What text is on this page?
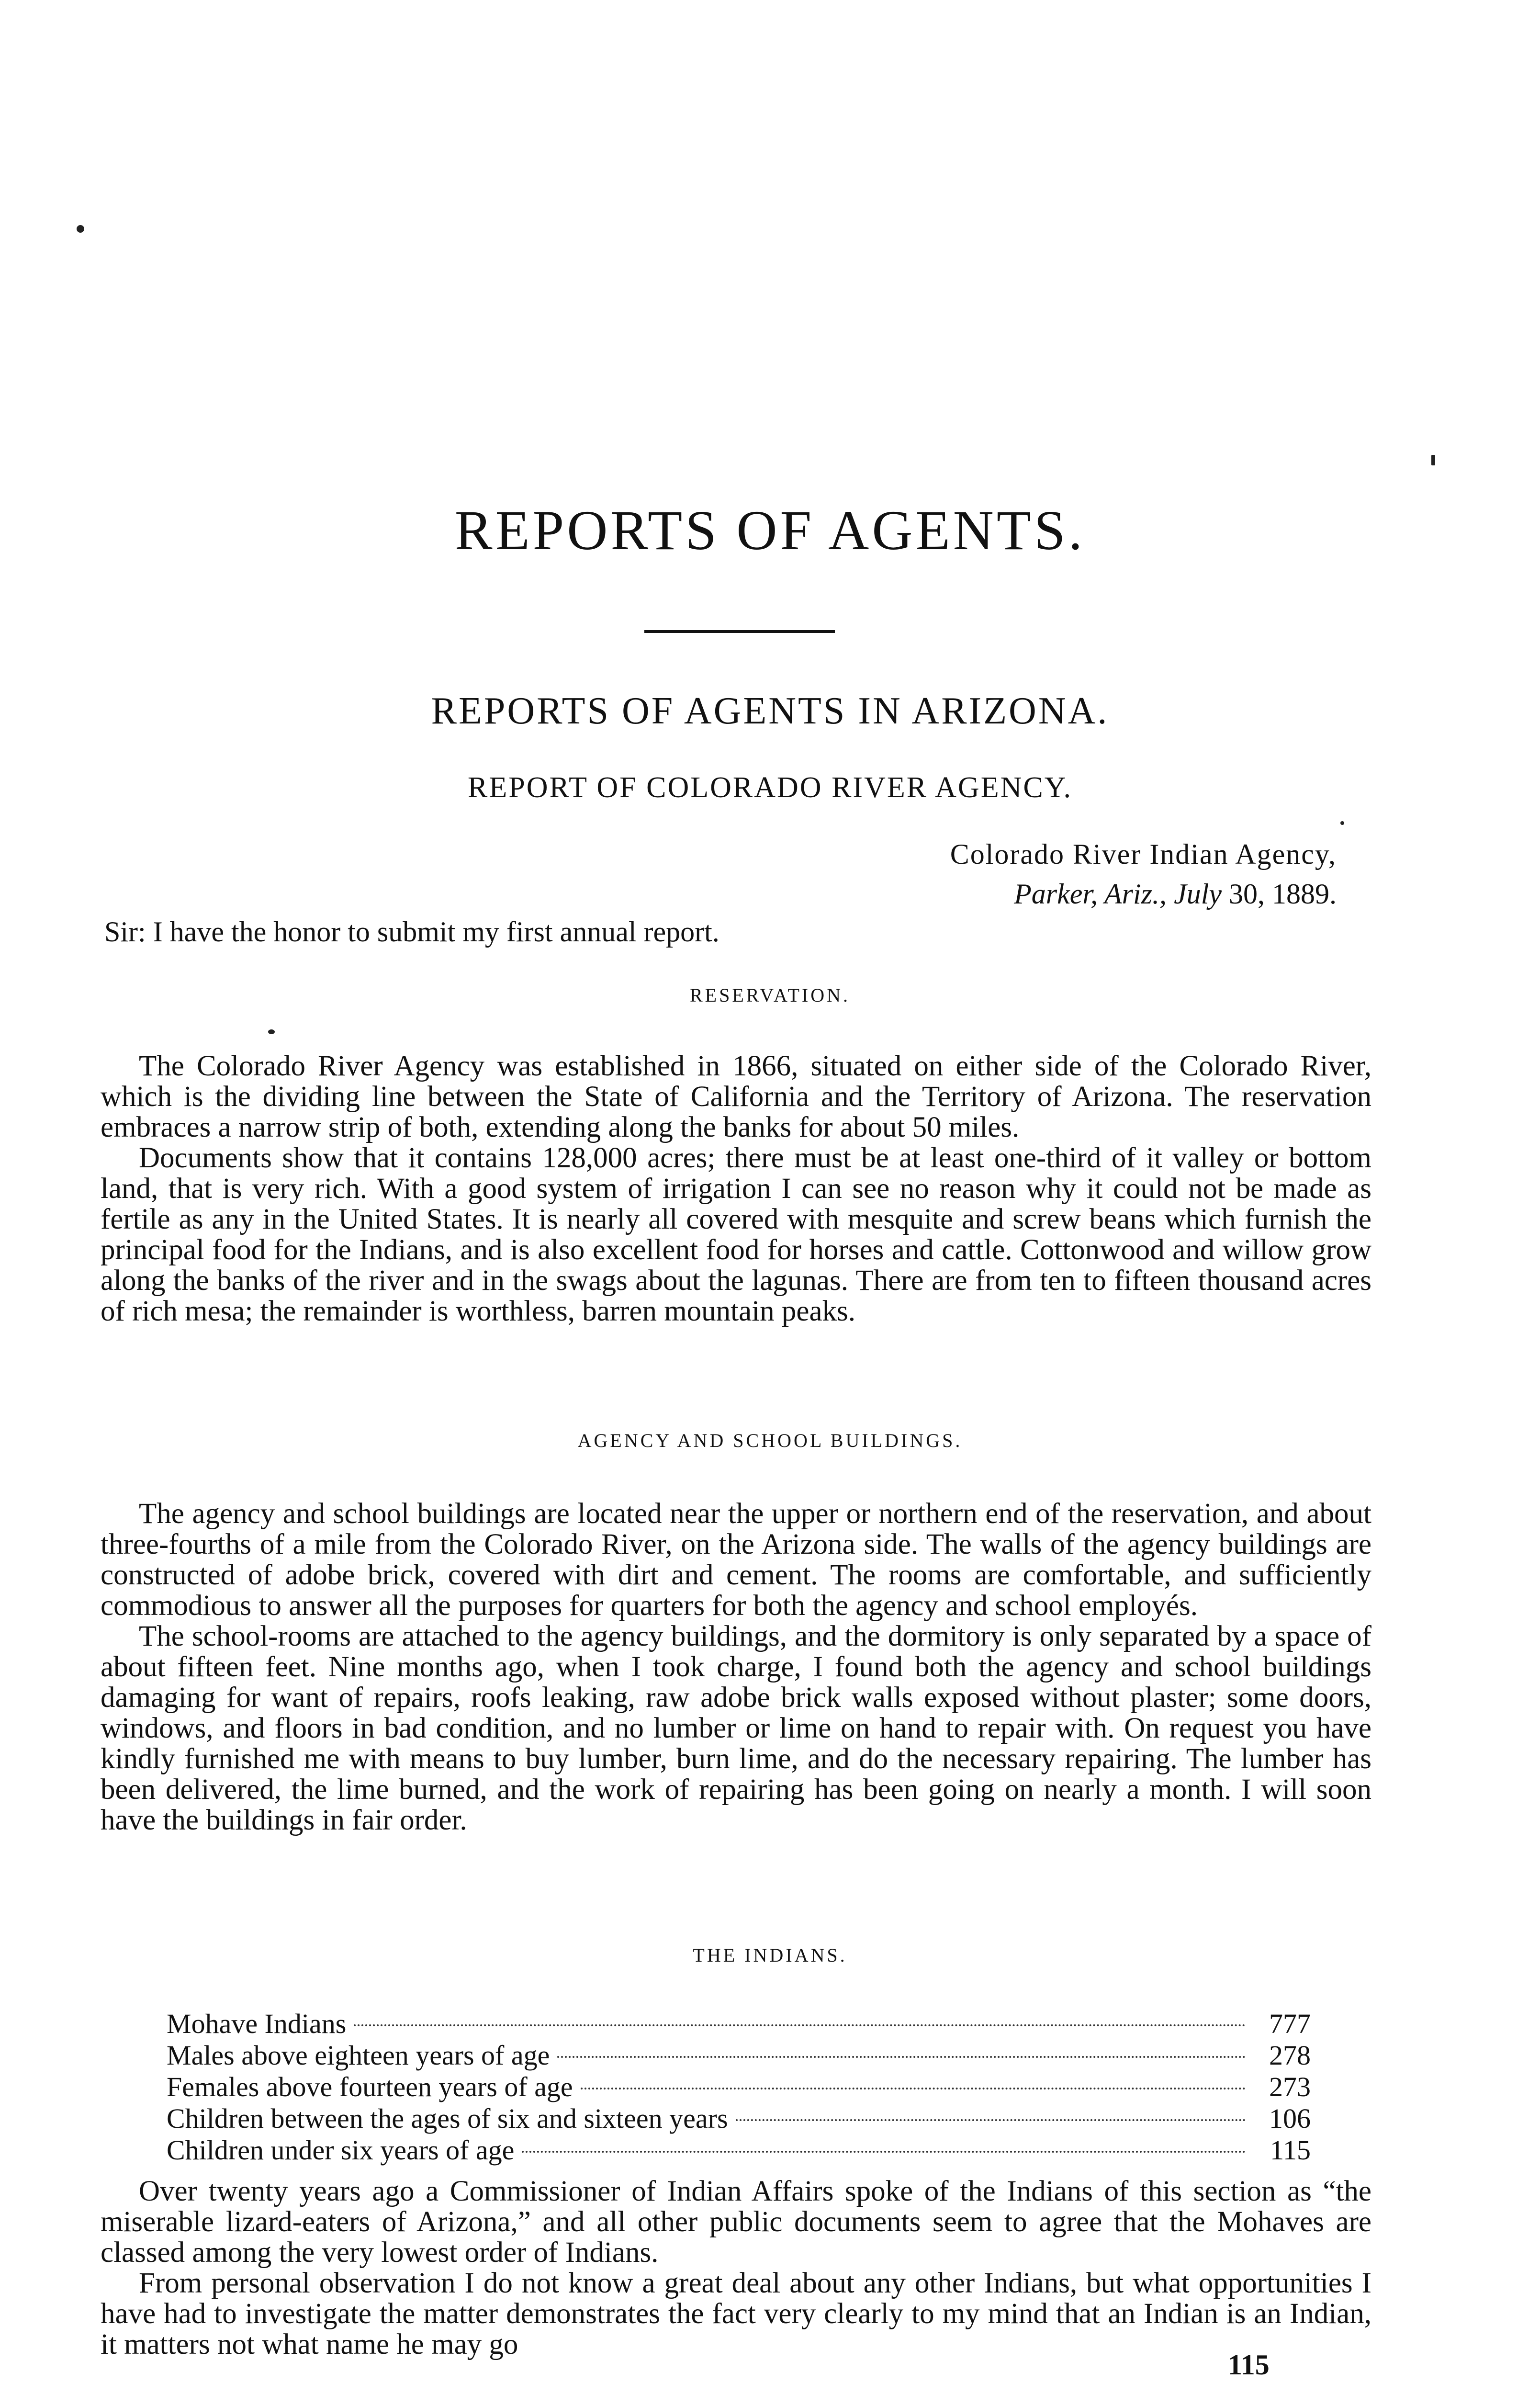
REPORTS OF AGENTS.
REPORTS OF AGENTS IN ARIZONA.
REPORT OF COLORADO RIVER AGENCY.
Colorado River Indian Agency,
Parker, Ariz., July 30, 1889.
Sir: I have the honor to submit my first annual report.
RESERVATION.

The Colorado River Agency was established in 1866, situated on either side of the Colorado River, which is the dividing line between the State of California and the Territory of Arizona. The reservation embraces a narrow strip of both, extending along the banks for about 50 miles.

Documents show that it contains 128,000 acres; there must be at least one-third of it valley or bottom land, that is very rich. With a good system of irrigation I can see no reason why it could not be made as fertile as any in the United States. It is nearly all covered with mesquite and screw beans which furnish the principal food for the Indians, and is also excellent food for horses and cattle. Cottonwood and willow grow along the banks of the river and in the swags about the lagunas. There are from ten to fifteen thousand acres of rich mesa; the remainder is worthless, barren mountain peaks.

AGENCY AND SCHOOL BUILDINGS.

The agency and school buildings are located near the upper or northern end of the reservation, and about three-fourths of a mile from the Colorado River, on the Arizona side. The walls of the agency buildings are constructed of adobe brick, covered with dirt and cement. The rooms are comfortable, and sufficiently commodious to answer all the purposes for quarters for both the agency and school employés.

The school-rooms are attached to the agency buildings, and the dormitory is only separated by a space of about fifteen feet. Nine months ago, when I took charge, I found both the agency and school buildings damaging for want of repairs, roofs leaking, raw adobe brick walls exposed without plaster; some doors, windows, and floors in bad condition, and no lumber or lime on hand to repair with. On request you have kindly furnished me with means to buy lumber, burn lime, and do the necessary repairing. The lumber has been delivered, the lime burned, and the work of repairing has been going on nearly a month. I will soon have the buildings in fair order.

THE INDIANS.
Mohave Indians	777
Males above eighteen years of age	278
Females above fourteen years of age	273
Children between the ages of six and sixteen years	106
Children under six years of age	115

Over twenty years ago a Commissioner of Indian Affairs spoke of the Indians of this section as “the miserable lizard-eaters of Arizona,” and all other public documents seem to agree that the Mohaves are classed among the very lowest order of Indians.

From personal observation I do not know a great deal about any other Indians, but what opportunities I have had to investigate the matter demonstrates the fact very clearly to my mind that an Indian is an Indian, it matters not what name he may go

115
